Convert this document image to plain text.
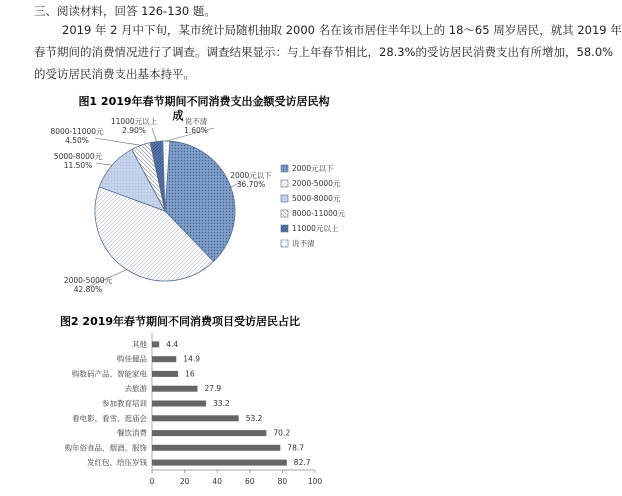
三、阅读材料，回答 126-130 题。
2019 年 2 月中下旬，某市统计局随机抽取 2000 名在该市居住半年以上的 18～65 周岁居民，就其 2019 年
春节期间的消费情况进行了调查。调查结果显示：与上年春节相比，28.3%的受访居民消费支出有所增加，58.0%
的受访居民消费支出基本持平。
图1 2019年春节期间不同消费支出金额受访居民构
成
2000元以下
36.70%
2000-5000元
42.80%
5000-8000元
11.50%
8000-11000元
4.50%
11000元以上
2.90%
说不清
1.60%
2000元以下
2000-5000元
5000-8000元
8000-11000元
11000元以上
说不清
图2 2019年春节期间不同消费项目受访居民占比
0	20	40	60	80	100
其他	4.4
购佳健品	14.9
购数码产品、智能家电	16
去旅游	27.9
参加教育培训	33.2
看电影、看雪、逛庙会	53.2
餐饮消费	70.2
购年俗食品、烟酒、服饰	78.7
发红包、给压岁钱	82.7
